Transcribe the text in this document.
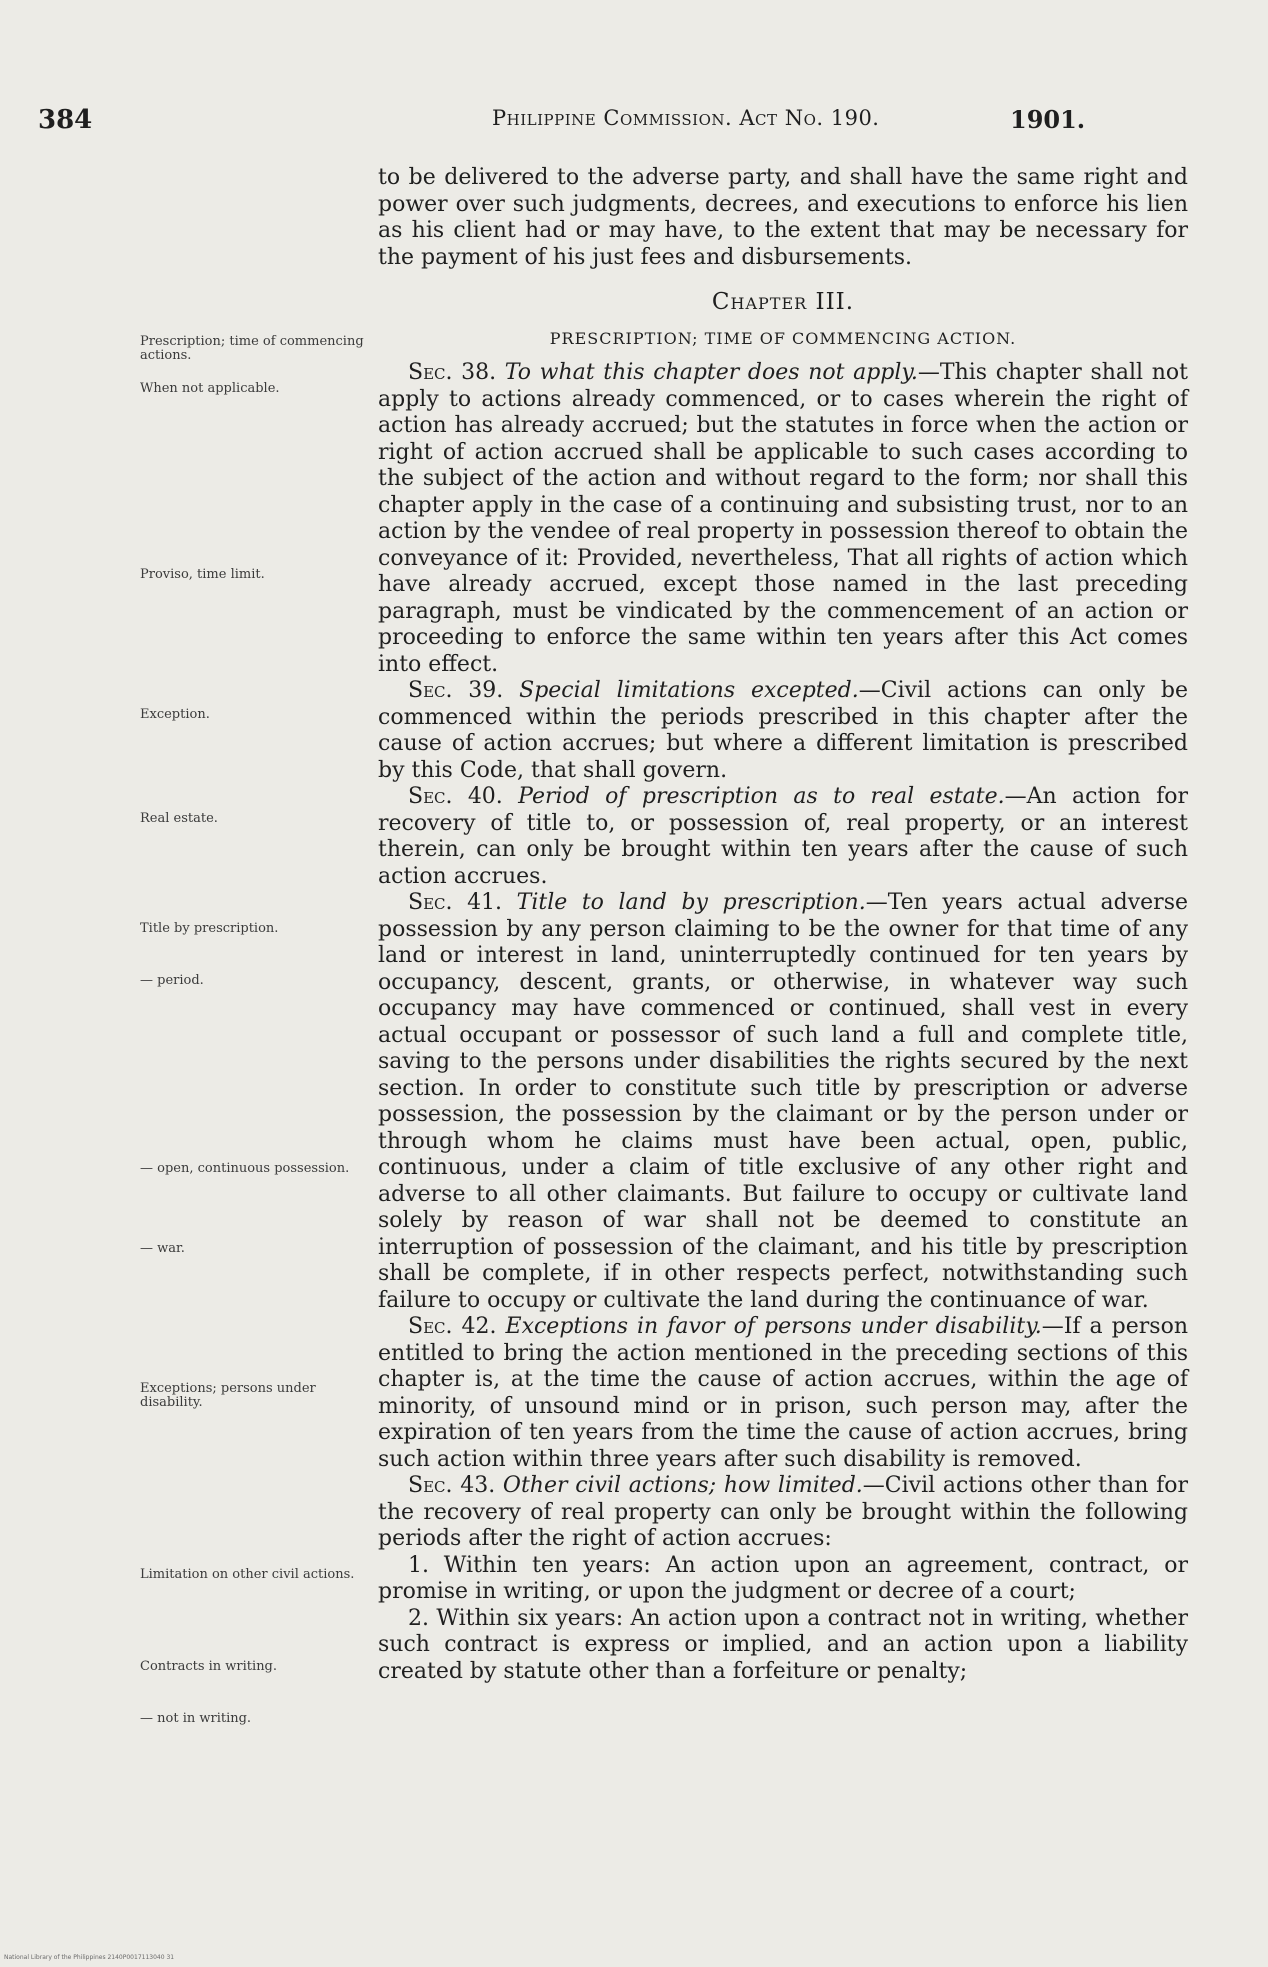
384	Philippine Commission. Act No. 190.	1901.
Prescription; time of commencing actions.
When not applicable.
Proviso, time limit.
Exception.
Real estate.
Title by prescription.
— period.
— open, continuous possession.
— war.
Exceptions; persons under disability.
Limitation on other civil actions.
Contracts in writing.
— not in writing.

to be delivered to the adverse party, and shall have the same right and power over such judgments, decrees, and executions to enforce his lien as his client had or may have, to the extent that may be necessary for the payment of his just fees and disbursements.

Chapter III.
PRESCRIPTION; TIME OF COMMENCING ACTION.

Sec. 38. To what this chapter does not apply.—This chapter shall not apply to actions already commenced, or to cases wherein the right of action has already accrued; but the statutes in force when the action or right of action accrued shall be applicable to such cases according to the subject of the action and without regard to the form; nor shall this chapter apply in the case of a continuing and subsisting trust, nor to an action by the vendee of real property in possession thereof to obtain the conveyance of it: Provided, nevertheless, That all rights of action which have already accrued, except those named in the last preceding paragraph, must be vindicated by the commencement of an action or proceeding to enforce the same within ten years after this Act comes into effect.

Sec. 39. Special limitations excepted.—Civil actions can only be commenced within the periods prescribed in this chapter after the cause of action accrues; but where a different limitation is prescribed by this Code, that shall govern.

Sec. 40. Period of prescription as to real estate.—An action for recovery of title to, or possession of, real property, or an interest therein, can only be brought within ten years after the cause of such action accrues.

Sec. 41. Title to land by prescription.—Ten years actual adverse possession by any person claiming to be the owner for that time of any land or interest in land, uninterruptedly continued for ten years by occupancy, descent, grants, or otherwise, in whatever way such occupancy may have commenced or continued, shall vest in every actual occupant or possessor of such land a full and complete title, saving to the persons under disabilities the rights secured by the next section. In order to constitute such title by prescription or adverse possession, the possession by the claimant or by the person under or through whom he claims must have been actual, open, public, continuous, under a claim of title exclusive of any other right and adverse to all other claimants. But failure to occupy or cultivate land solely by reason of war shall not be deemed to constitute an interruption of possession of the claimant, and his title by prescription shall be complete, if in other respects perfect, notwithstanding such failure to occupy or cultivate the land during the continuance of war.

Sec. 42. Exceptions in favor of persons under disability.—If a person entitled to bring the action mentioned in the preceding sections of this chapter is, at the time the cause of action accrues, within the age of minority, of unsound mind or in prison, such person may, after the expiration of ten years from the time the cause of action accrues, bring such action within three years after such disability is removed.

Sec. 43. Other civil actions; how limited.—Civil actions other than for the recovery of real property can only be brought within the following periods after the right of action accrues:

1. Within ten years: An action upon an agreement, contract, or promise in writing, or upon the judgment or decree of a court;

2. Within six years: An action upon a contract not in writing, whether such contract is express or implied, and an action upon a liability created by statute other than a forfeiture or penalty;

National Library of the Philippines 2140P0017113040 31
